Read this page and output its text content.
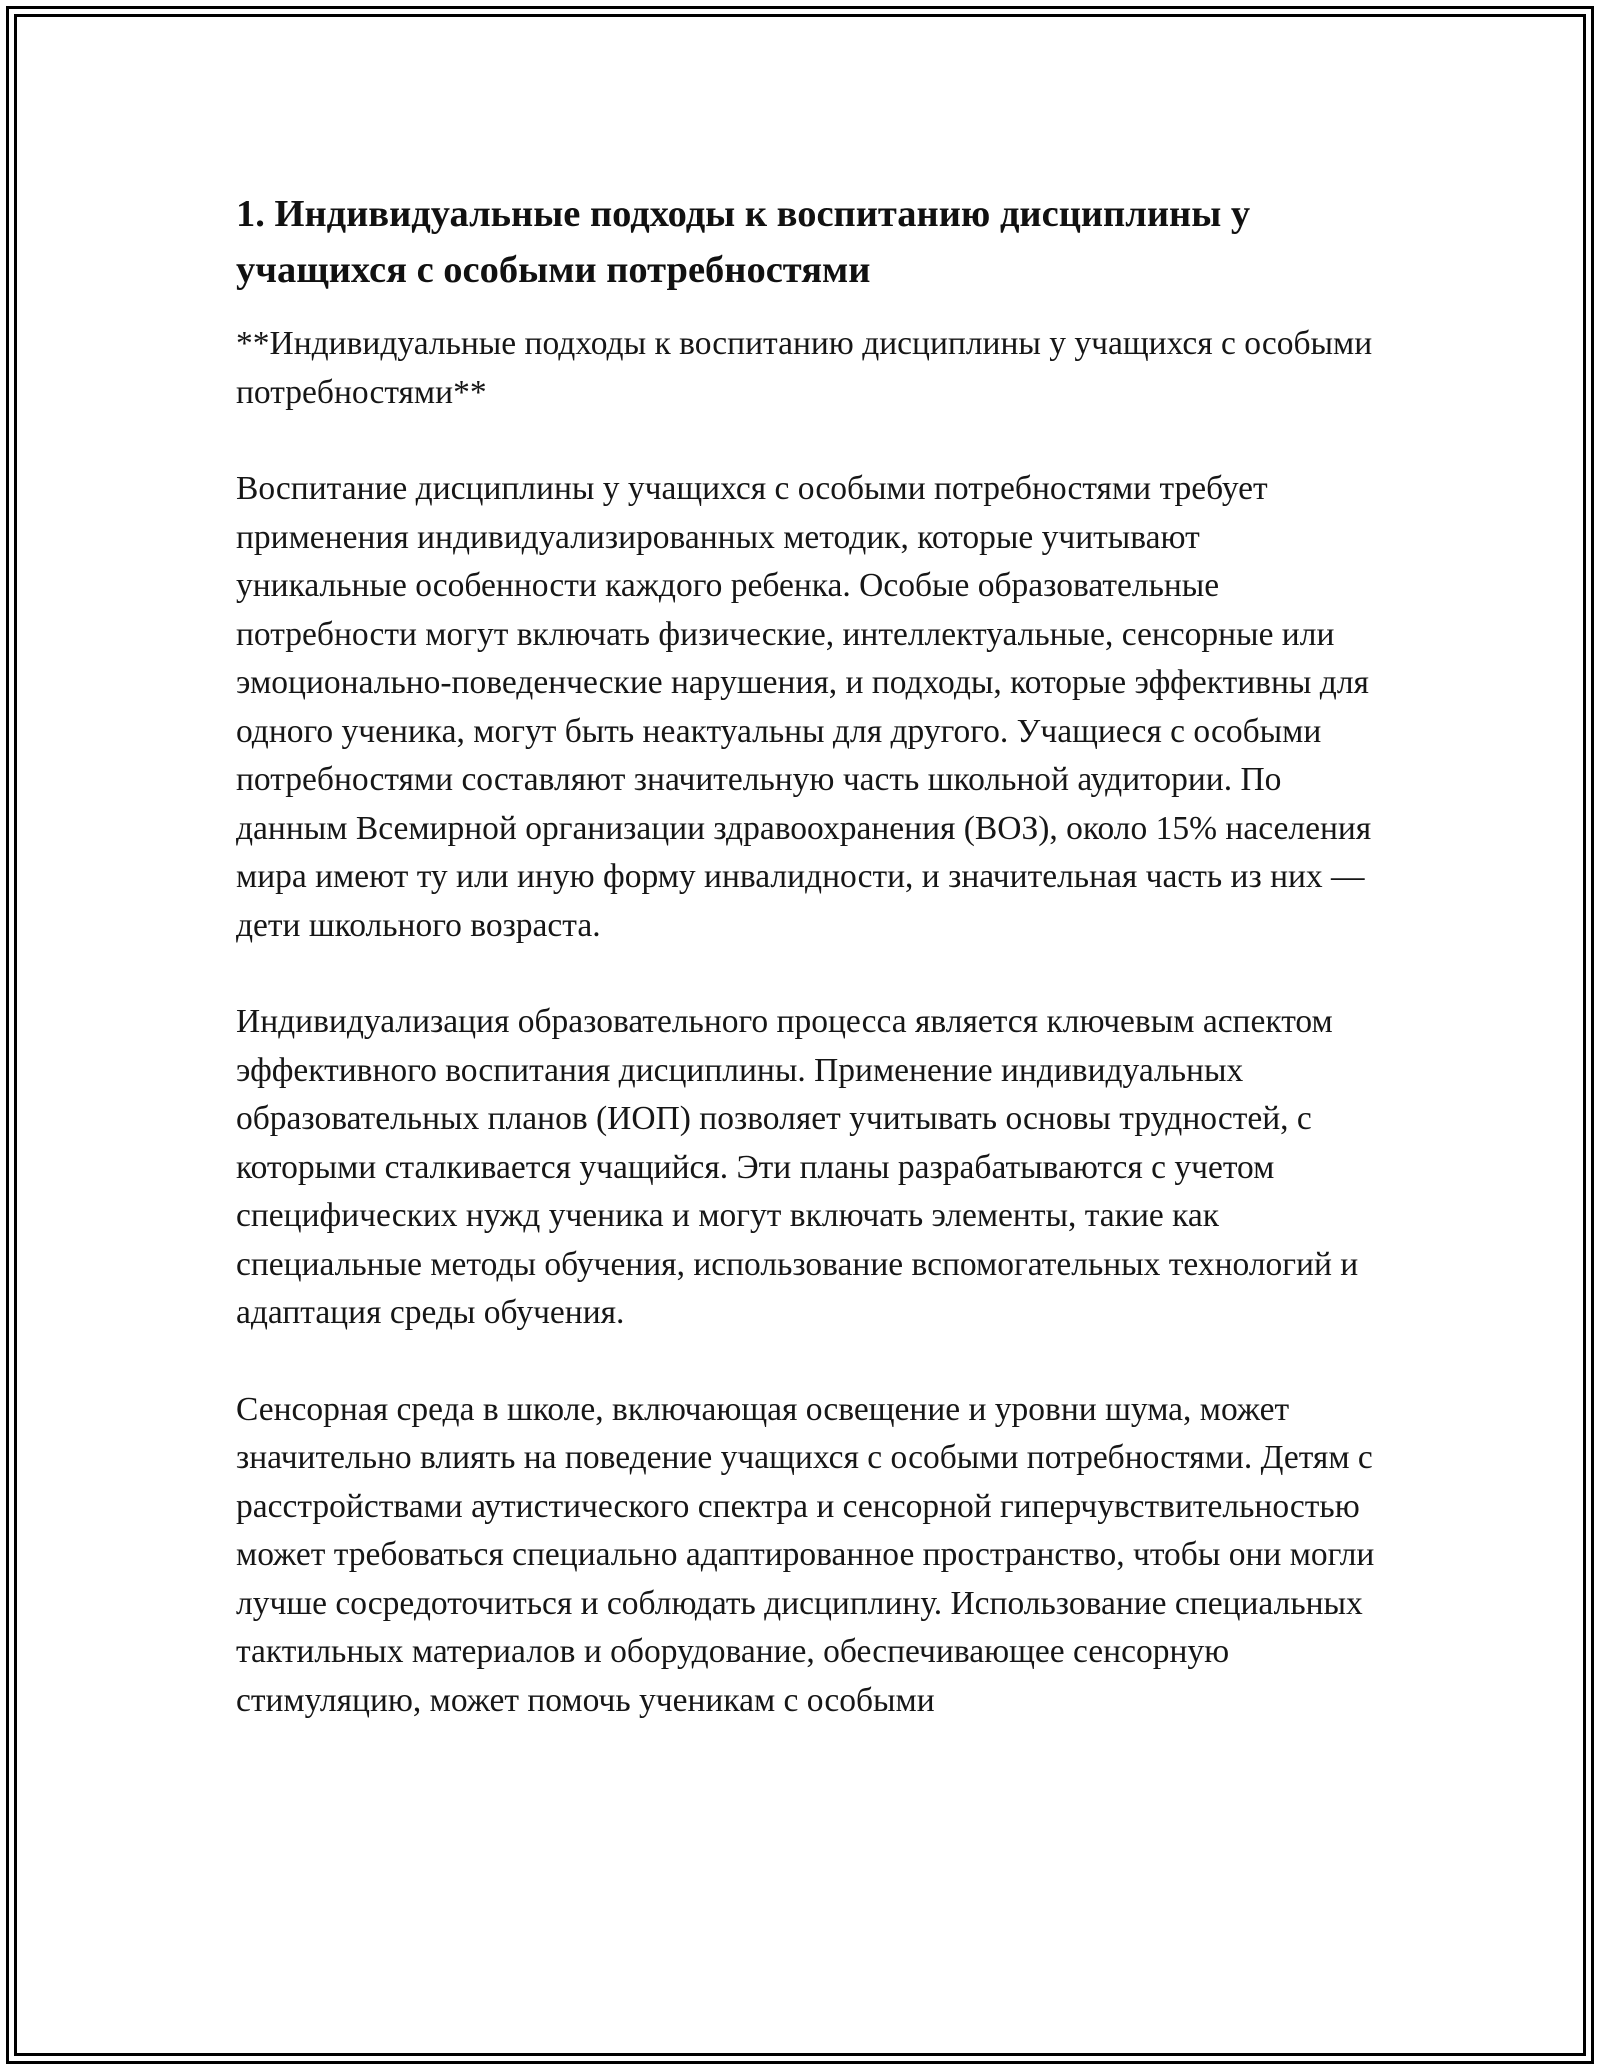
1. Индивидуальные подходы к воспитанию дисциплины у учащихся с особыми потребностями

**Индивидуальные подходы к воспитанию дисциплины у учащихся с особыми потребностями**

Воспитание дисциплины у учащихся с особыми потребностями требует применения индивидуализированных методик, которые учитывают уникальные особенности каждого ребенка. Особые образовательные потребности могут включать физические, интеллектуальные, сенсорные или эмоционально-поведенческие нарушения, и подходы, которые эффективны для одного ученика, могут быть неактуальны для другого. Учащиеся с особыми потребностями составляют значительную часть школьной аудитории. По данным Всемирной организации здравоохранения (ВОЗ), около 15% населения мира имеют ту или иную форму инвалидности, и значительная часть из них — дети школьного возраста.

Индивидуализация образовательного процесса является ключевым аспектом эффективного воспитания дисциплины. Применение индивидуальных образовательных планов (ИОП) позволяет учитывать основы трудностей, с которыми сталкивается учащийся. Эти планы разрабатываются с учетом специфических нужд ученика и могут включать элементы, такие как специальные методы обучения, использование вспомогательных технологий и адаптация среды обучения.

Сенсорная среда в школе, включающая освещение и уровни шума, может значительно влиять на поведение учащихся с особыми потребностями. Детям с расстройствами аутистического спектра и сенсорной гиперчувствительностью может требоваться специально адаптированное пространство, чтобы они могли лучше сосредоточиться и соблюдать дисциплину. Использование специальных тактильных материалов и оборудование, обеспечивающее сенсорную стимуляцию, может помочь ученикам с особыми
